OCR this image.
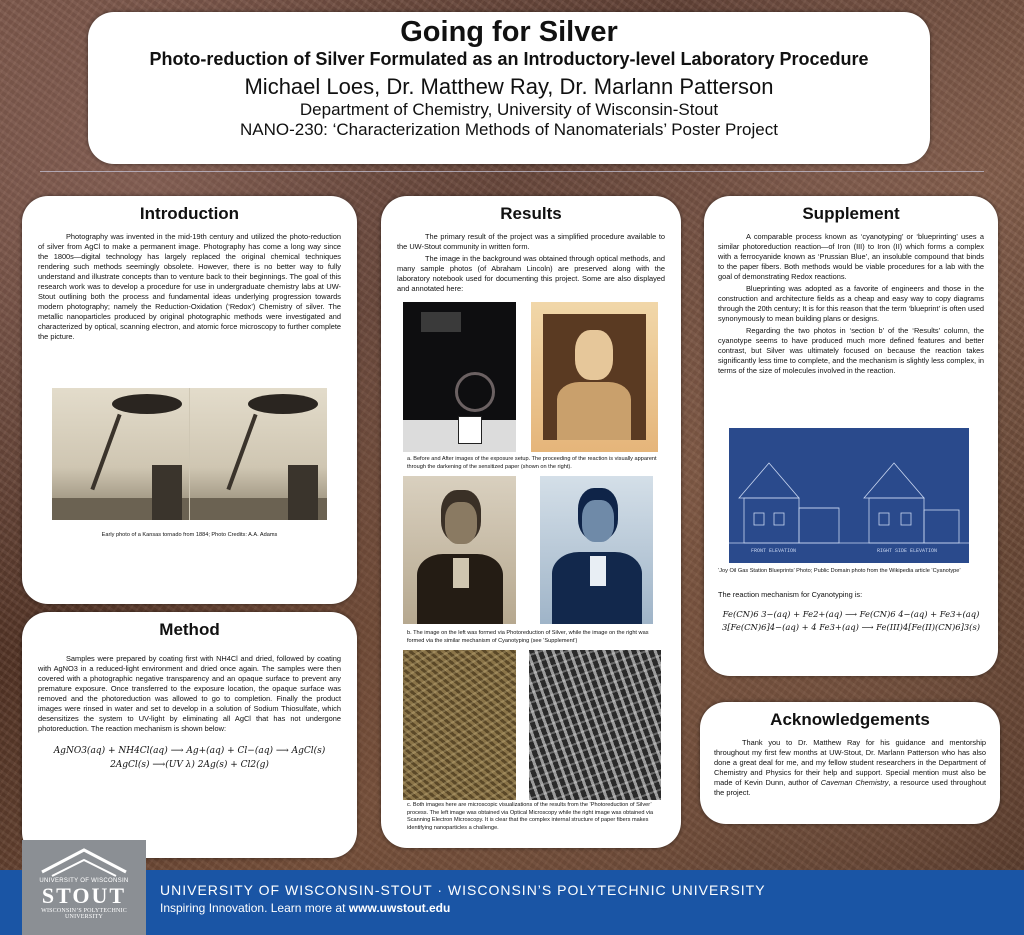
Going for Silver
Photo-reduction of Silver Formulated as an Introductory-level Laboratory Procedure
Michael Loes, Dr. Matthew Ray, Dr. Marlann Patterson
Department of Chemistry, University of Wisconsin-Stout
NANO-230: ‘Characterization Methods of Nanomaterials’ Poster Project
Introduction

Photography was invented in the mid-19th century and utilized the photo-reduction of silver from AgCl to make a permanent image. Photography has come a long way since the 1800s—digital technology has largely replaced the original chemical techniques rendering such methods seemingly obsolete. However, there is no better way to fully understand and illustrate concepts than to venture back to their beginnings. The goal of this research work was to develop a procedure for use in undergraduate chemistry labs at UW-Stout outlining both the process and fundamental ideas underlying progression towards modern photography; namely the Reduction-Oxidation (‘Redox’) Chemistry of silver. The metallic nanoparticles produced by original photographic methods were investigated and characterized by optical, scanning electron, and atomic force microscopy to further complete the picture.

Early photo of a Kansas tornado from 1884; Photo Credits: A.A. Adams
Method

Samples were prepared by coating first with NH4Cl and dried, followed by coating with AgNO3 in a reduced-light environment and dried once again. The samples were then covered with a photographic negative transparency and an opaque surface to prevent any premature exposure. Once transferred to the exposure location, the opaque surface was removed and the photoreduction was allowed to go to completion. Finally the product images were rinsed in water and set to develop in a solution of Sodium Thiosulfate, which desensitizes the system to UV-light by eliminating all AgCl that has not undergone photoreduction. The reaction mechanism is shown below:

AgNO3(aq) + NH4Cl(aq) ⟶ Ag+(aq) + Cl−(aq) ⟶ AgCl(s)
2AgCl(s) ⟶(UV λ) 2Ag(s) + Cl2(g)
Results

The primary result of the project was a simplified procedure available to the UW-Stout community in written form.

The image in the background was obtained through optical methods, and many sample photos (of Abraham Lincoln) are preserved along with the laboratory notebook used for documenting this project. Some are also displayed and annotated here:

a. Before and After images of the exposure setup. The proceeding of the reaction is visually apparent through the darkening of the sensitized paper (shown on the right).
b. The image on the left was formed via Photoreduction of Silver, while the image on the right was formed via the similar mechanism of Cyanotyping (see ‘Supplement’)
c. Both images here are microscopic visualizations of the results from the ‘Photoreduction of Silver’ process. The left image was obtained via Optical Microscopy while the right image was obtained via Scanning Electron Microscopy. It is clear that the complex internal structure of paper fibers makes identifying nanoparticles a challenge.
Supplement

A comparable process known as ‘cyanotyping’ or ‘blueprinting’ uses a similar photoreduction reaction—of Iron (III) to Iron (II) which forms a complex with a ferrocyanide known as ‘Prussian Blue’, an insoluble compound that binds to the paper fibers. Both methods would be viable procedures for a lab with the goal of demonstrating Redox reactions.

Blueprinting was adopted as a favorite of engineers and those in the construction and architecture fields as a cheap and easy way to copy diagrams through the 20th century; It is for this reason that the term ‘blueprint’ is often used synonymously to mean building plans or designs.

Regarding the two photos in ‘section b’ of the ‘Results’ column, the cyanotype seems to have produced much more defined features and better contrast, but Silver was ultimately focused on because the reaction takes significantly less time to complete, and the mechanism is slightly less complex, in terms of the size of molecules involved in the reaction.

‘Joy Oil Gas Station Blueprints’ Photo; Public Domain photo from the Wikipedia article ‘Cyanotype’
The reaction mechanism for Cyanotyping is:
Fe(CN)6 3−(aq) + Fe2+(aq) ⟶ Fe(CN)6 4−(aq) + Fe3+(aq)
3[Fe(CN)6]4−(aq) + 4 Fe3+(aq) ⟶ Fe(III)4[Fe(II)(CN)6]3(s)
FRONT ELEVATION	RIGHT SIDE ELEVATION
Acknowledgements

Thank you to Dr. Matthew Ray for his guidance and mentorship throughout my first few months at UW-Stout, Dr. Marlann Patterson who has also done a great deal for me, and my fellow student researchers in the Department of Chemistry and Physics for their help and support. Special mention must also be made of Kevin Dunn, author of Caveman Chemistry, a resource used throughout the project.

UNIVERSITY OF WISCONSIN-STOUT · WISCONSIN’S POLYTECHNIC UNIVERSITY
Inspiring Innovation. Learn more at www.uwstout.edu
UNIVERSITY OF WISCONSIN
STOUT
WISCONSIN’S POLYTECHNIC UNIVERSITY
